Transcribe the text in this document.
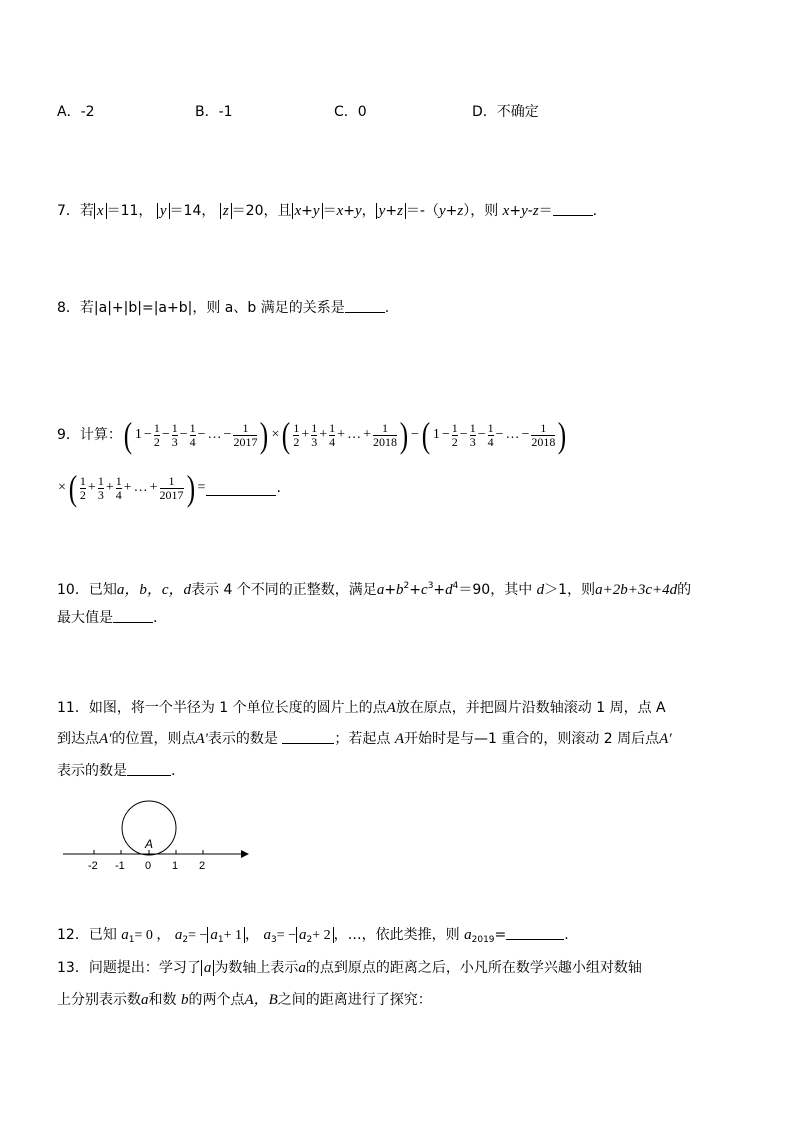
A．-2	B．-1	C．0	D．不确定
7．若 x ＝11， y ＝14， z ＝20，且 x+y ＝x+y， y+z ＝-（y+z），则 x+y-z＝	.
8．若|a|+|b|=|a+b|，则 a、b 满足的关系是	.
9．计算：( $1 - \frac{1}{2} - \frac{1}{3} - \frac{1}{4}$ − … − $\frac{1}{2017}$ ) ×( $\frac{1}{2} + \frac{1}{3} + \frac{1}{4}$ + … + $\frac{1}{2018}$ ) −( $1 - \frac{1}{2} - \frac{1}{3} - \frac{1}{4}$ − … − $\frac{1}{2018}$ )
×( $\frac{1}{2} + \frac{1}{3} + \frac{1}{4}$ + … + $\frac{1}{2017}$ ) =	.
10．已知a，b，c，d表示 4 个不同的正整数，满足$a+b^2+c^3+d^4=90$，其中 d＞1，则a+2b+3c+4d的
最大值是	.
11．如图，将一个半径为 1 个单位长度的圆片上的点A放在原点，并把圆片沿数轴滚动 1 周，点 A
到达点A′的位置，则点A′表示的数是	；若起点 A开始时是与—1 重合的，则滚动 2 周后点A′
表示的数是	.
A
-2 -1 0 1 2
12．已知 $a_1= 0$ ， $a_2= - a_1+ 1$ ， $a_3= - a_2+ 2$ ，…，依此类推，则 $a_{2019}=$	.
13．问题提出：学习了 a 为数轴上表示a的点到原点的距离之后，小凡所在数学兴趣小组对数轴
上分别表示数a和数 b的两个点A，B之间的距离进行了探究：
